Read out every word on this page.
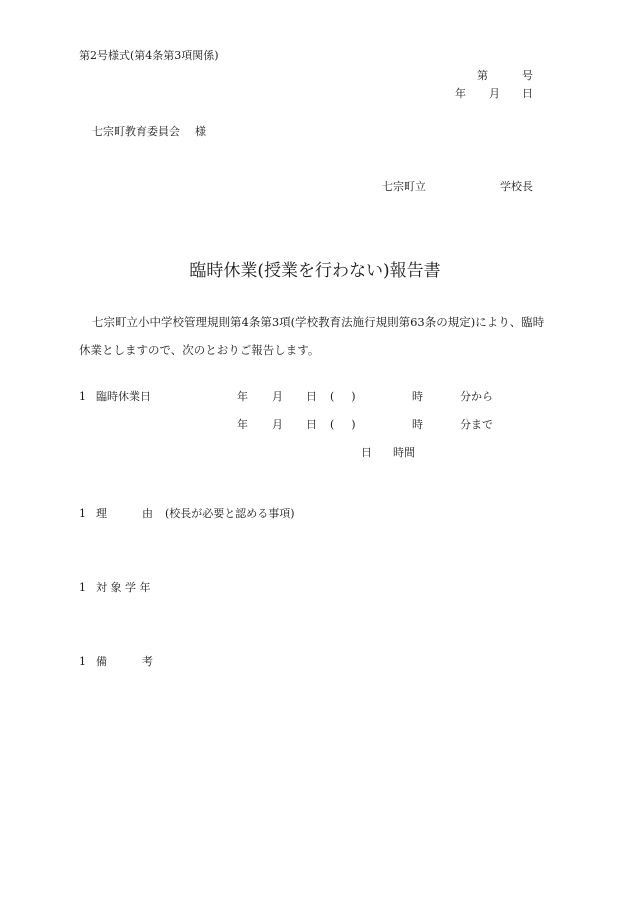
第2号様式(第4条第3項関係)
第	号
年 月 日
七宗町教育委員会 様
七宗町立	学校長
臨時休業(授業を行わない)報告書
七宗町立小中学校管理規則第4条第3項(学校教育法施行規則第63条の規定)により、臨時
休業としますので、次のとおりご報告します。
1 臨時休業日	年 月 日 (　)	時	分から
年 月 日 (　)	時	分まで
日 時間
1 理	由 (校長が必要と認める事項)
1 対 象 学 年
1 備	考
